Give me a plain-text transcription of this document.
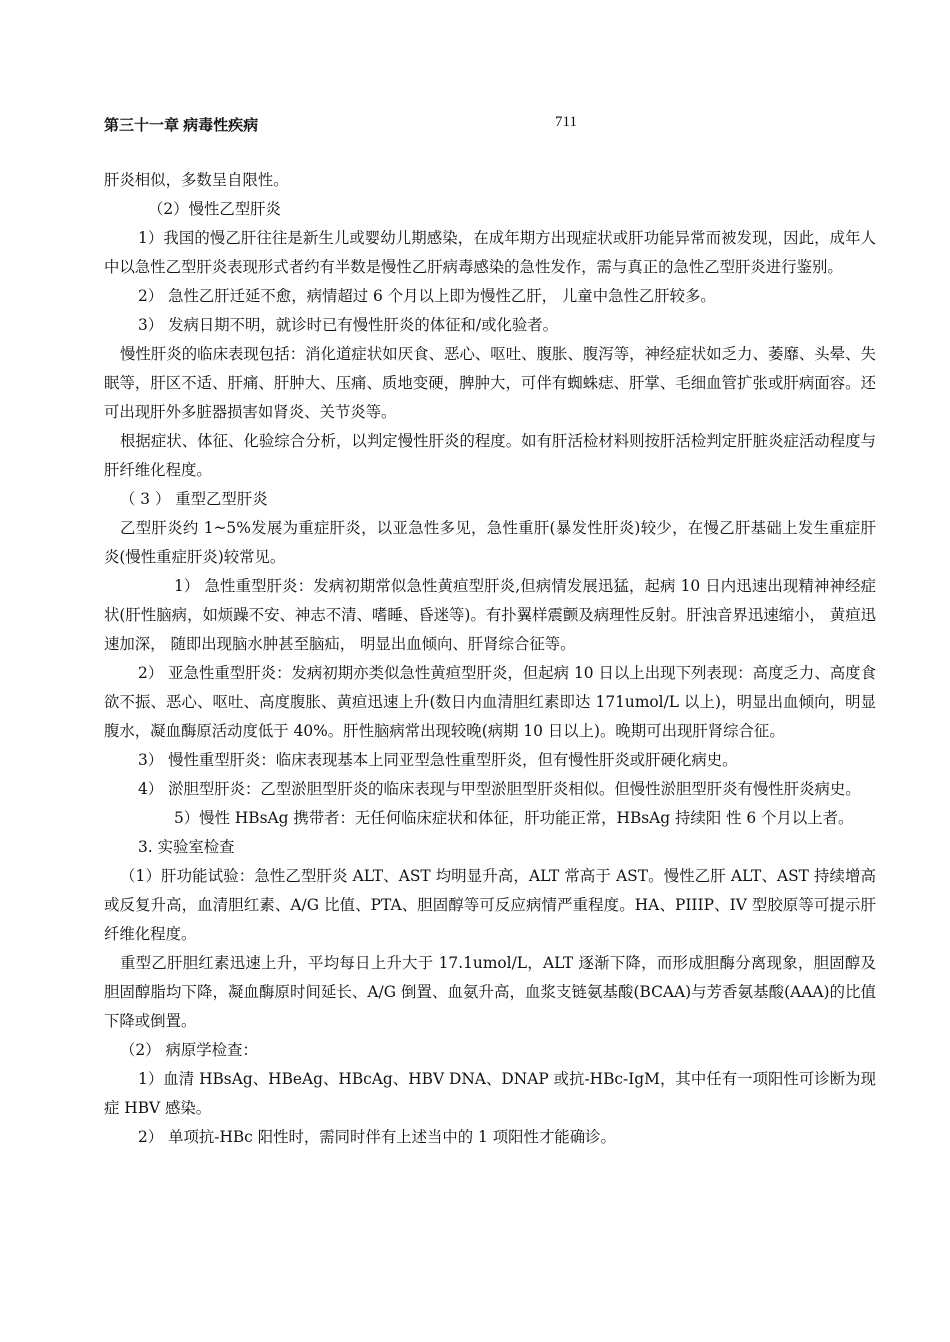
第三十一章 病毒性疾病	711

肝炎相似，多数呈自限性。

（2）慢性乙型肝炎

1）我国的慢乙肝往往是新生儿或婴幼儿期感染，在成年期方出现症状或肝功能异常而被发现，因此，成年人中以急性乙型肝炎表现形式者约有半数是慢性乙肝病毒感染的急性发作，需与真正的急性乙型肝炎进行鉴别。

2） 急性乙肝迁延不愈，病情超过 6 个月以上即为慢性乙肝， 儿童中急性乙肝较多。

3） 发病日期不明，就诊时已有慢性肝炎的体征和/或化验者。

慢性肝炎的临床表现包括：消化道症状如厌食、恶心、呕吐、腹胀、腹泻等，神经症状如乏力、萎靡、头晕、失眠等，肝区不适、肝痛、肝肿大、压痛、质地变硬，脾肿大，可伴有蜘蛛痣、肝掌、毛细血管扩张或肝病面容。还可出现肝外多脏器损害如肾炎、关节炎等。

根据症状、体征、化验综合分析，以判定慢性肝炎的程度。如有肝活检材料则按肝活检判定肝脏炎症活动程度与肝纤维化程度。

（ 3 ） 重型乙型肝炎

乙型肝炎约 1~5%发展为重症肝炎，以亚急性多见，急性重肝(暴发性肝炎)较少，在慢乙肝基础上发生重症肝炎(慢性重症肝炎)较常见。

1） 急性重型肝炎：发病初期常似急性黄疸型肝炎,但病情发展迅猛，起病 10 日内迅速出现精神神经症状(肝性脑病，如烦躁不安、神志不清、嗜睡、昏迷等)。有扑翼样震颤及病理性反射。肝浊音界迅速缩小， 黄疸迅速加深， 随即出现脑水肿甚至脑疝， 明显出血倾向、肝肾综合征等。

2） 亚急性重型肝炎：发病初期亦类似急性黄疸型肝炎，但起病 10 日以上出现下列表现：高度乏力、高度食欲不振、恶心、呕吐、高度腹胀、黄疸迅速上升(数日内血清胆红素即达 171umol/L 以上)，明显出血倾向，明显腹水，凝血酶原活动度低于 40%。肝性脑病常出现较晚(病期 10 日以上)。晚期可出现肝肾综合征。

3） 慢性重型肝炎：临床表现基本上同亚型急性重型肝炎，但有慢性肝炎或肝硬化病史。

4） 淤胆型肝炎：乙型淤胆型肝炎的临床表现与甲型淤胆型肝炎相似。但慢性淤胆型肝炎有慢性肝炎病史。

5）慢性 HBsAg 携带者：无任何临床症状和体征，肝功能正常，HBsAg 持续阳 性 6 个月以上者。

3. 实验室检查

（1）肝功能试验：急性乙型肝炎 ALT、AST 均明显升高，ALT 常高于 AST。慢性乙肝 ALT、AST 持续增高或反复升高，血清胆红素、A/G 比值、PTA、胆固醇等可反应病情严重程度。HA、PIIIP、IV 型胶原等可提示肝纤维化程度。

重型乙肝胆红素迅速上升，平均每日上升大于 17.1umol/L，ALT 逐渐下降，而形成胆酶分离现象，胆固醇及胆固醇脂均下降，凝血酶原时间延长、A/G 倒置、血氨升高，血浆支链氨基酸(BCAA)与芳香氨基酸(AAA)的比值下降或倒置。

（2） 病原学检查：

1）血清 HBsAg、HBeAg、HBcAg、HBV DNA、DNAP 或抗-HBc-IgM，其中任有一项阳性可诊断为现症 HBV 感染。

2） 单项抗-HBc 阳性时，需同时伴有上述当中的 1 项阳性才能确诊。
